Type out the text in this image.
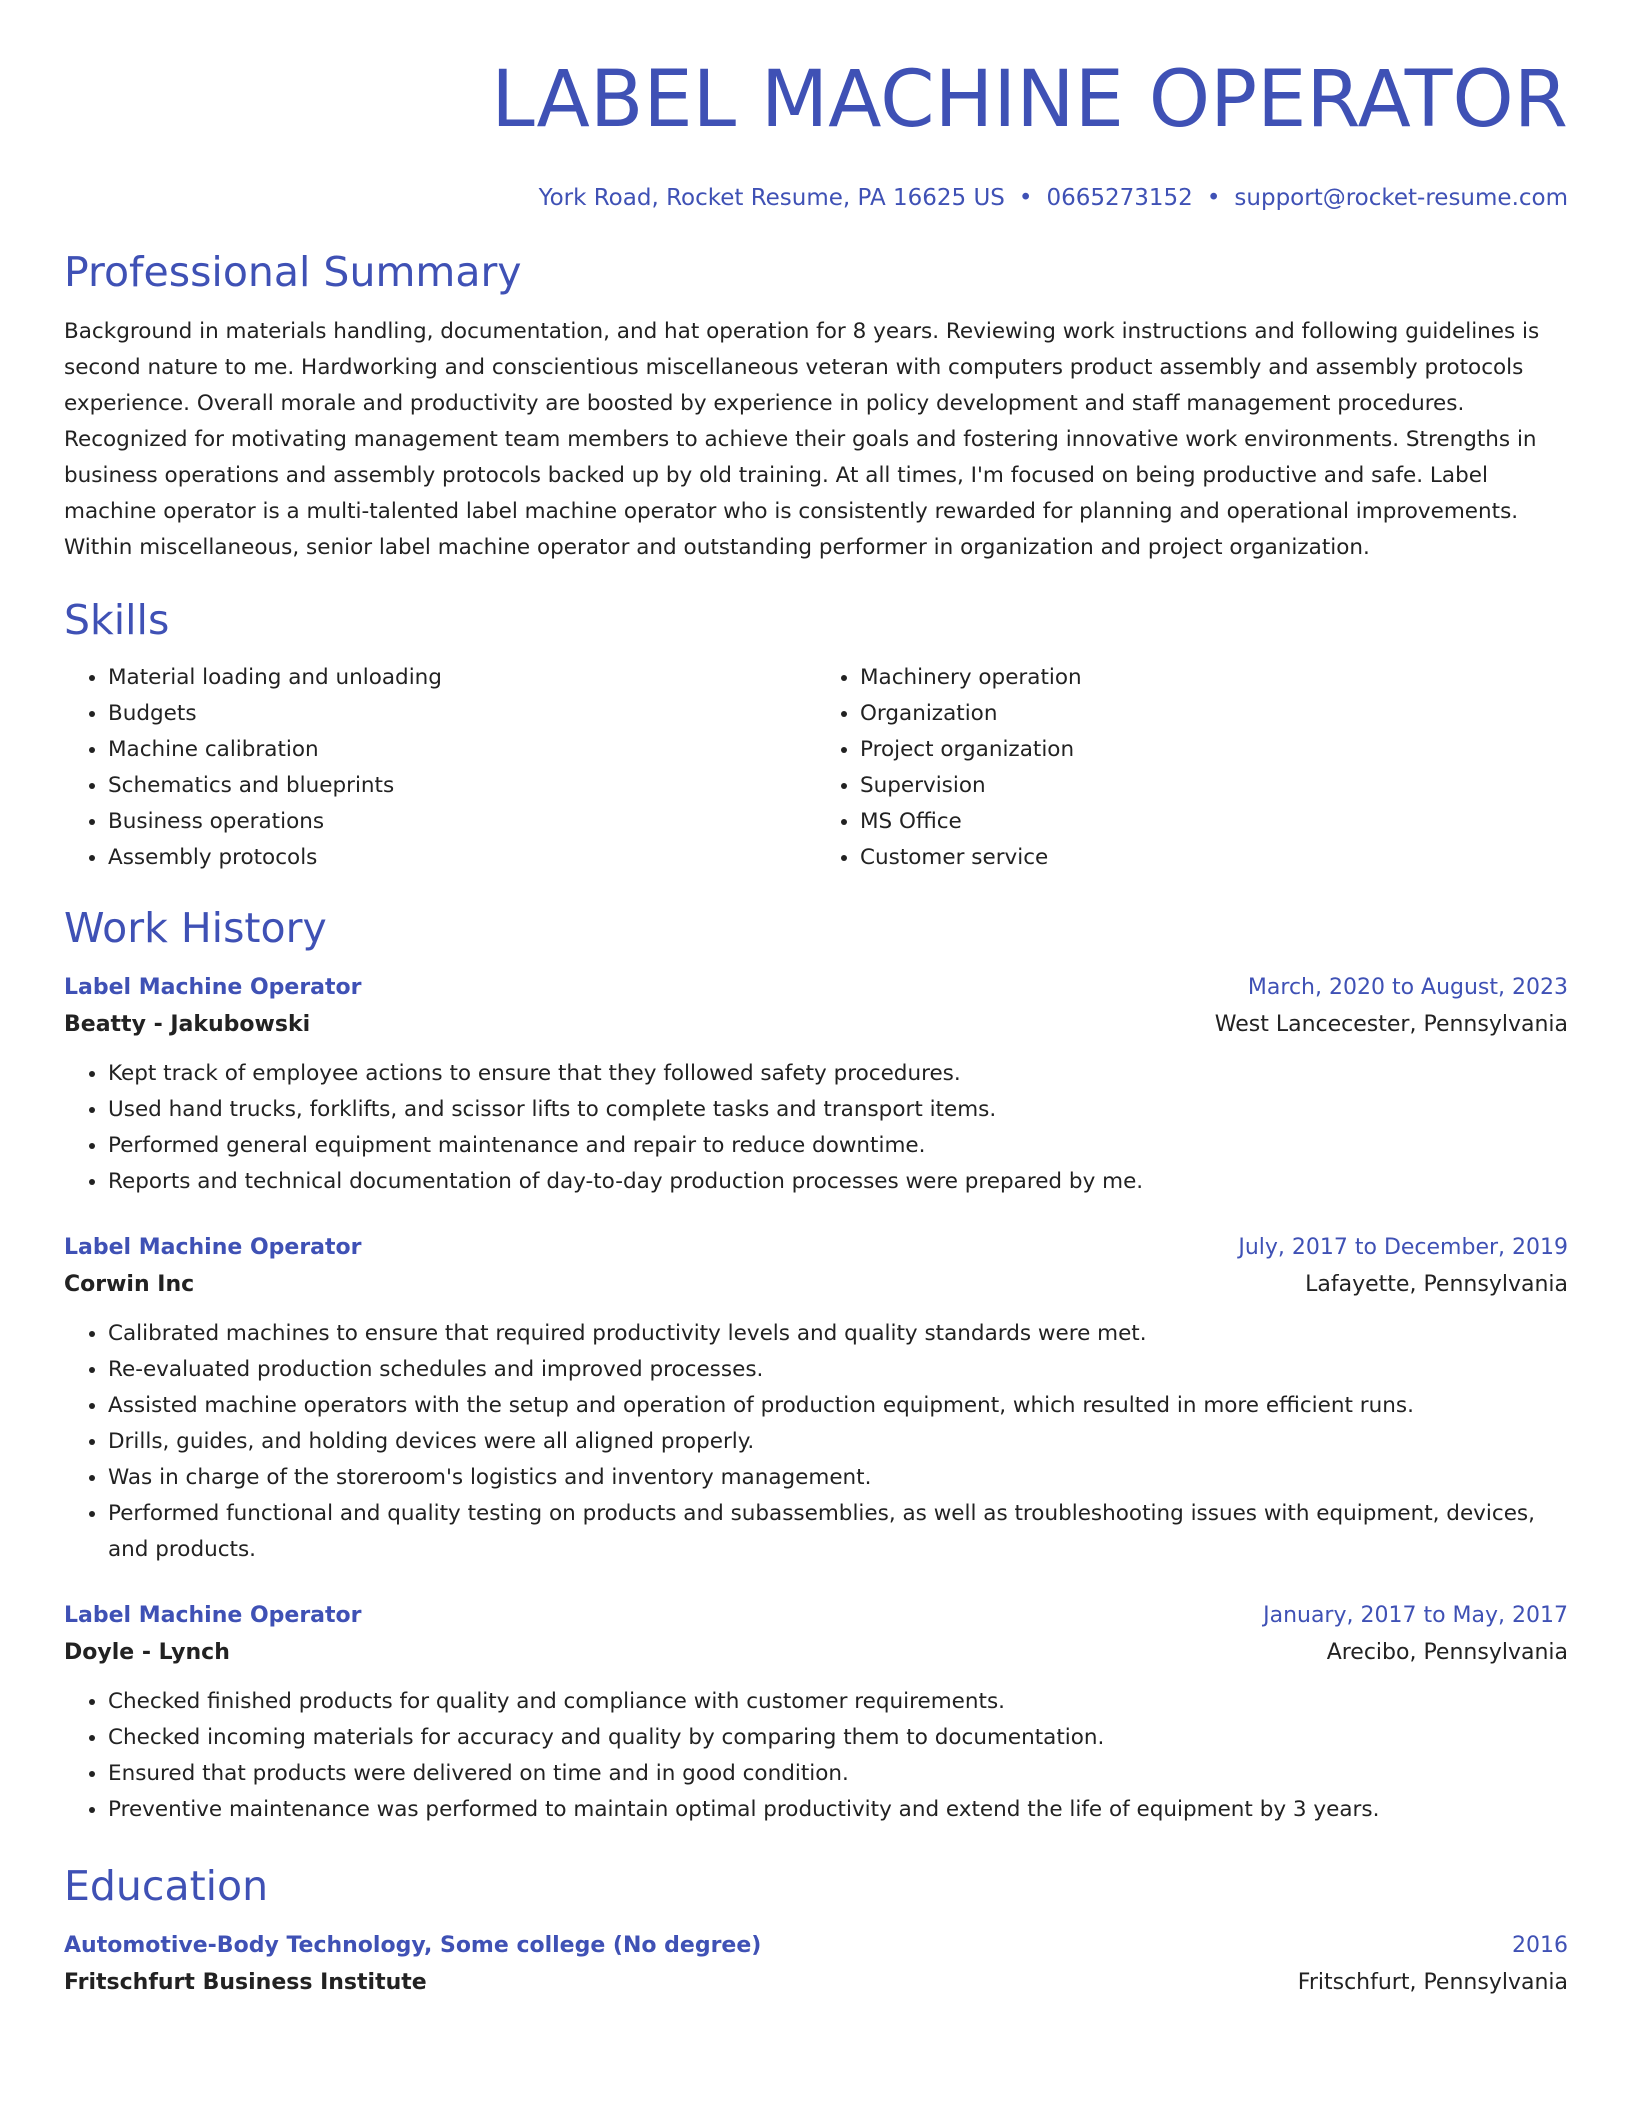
LABEL MACHINE OPERATOR
York Road, Rocket Resume, PA 16625 US • 0665273152 • support@rocket-resume.com
Professional Summary

Background in materials handling, documentation, and hat operation for 8 years. Reviewing work instructions and following guidelines is second nature to me. Hardworking and conscientious miscellaneous veteran with computers product assembly and assembly protocols experience. Overall morale and productivity are boosted by experience in policy development and staff management procedures. Recognized for motivating management team members to achieve their goals and fostering innovative work environments. Strengths in business operations and assembly protocols backed up by old training. At all times, I'm focused on being productive and safe. Label machine operator is a multi-talented label machine operator who is consistently rewarded for planning and operational improvements. Within miscellaneous, senior label machine operator and outstanding performer in organization and project organization.

Skills
• Material loading and unloading
• Budgets
• Machine calibration
• Schematics and blueprints
• Business operations
• Assembly protocols
• Machinery operation
• Organization
• Project organization
• Supervision
• MS Office
• Customer service
Work History
Label Machine Operator	March, 2020 to August, 2023
Beatty - Jakubowski	West Lancecester, Pennsylvania
• Kept track of employee actions to ensure that they followed safety procedures.
• Used hand trucks, forklifts, and scissor lifts to complete tasks and transport items.
• Performed general equipment maintenance and repair to reduce downtime.
• Reports and technical documentation of day-to-day production processes were prepared by me.
Label Machine Operator	July, 2017 to December, 2019
Corwin Inc	Lafayette, Pennsylvania
• Calibrated machines to ensure that required productivity levels and quality standards were met.
• Re-evaluated production schedules and improved processes.
• Assisted machine operators with the setup and operation of production equipment, which resulted in more efficient runs.
• Drills, guides, and holding devices were all aligned properly.
• Was in charge of the storeroom's logistics and inventory management.
• Performed functional and quality testing on products and subassemblies, as well as troubleshooting issues with equipment, devices, and products.
Label Machine Operator	January, 2017 to May, 2017
Doyle - Lynch	Arecibo, Pennsylvania
• Checked finished products for quality and compliance with customer requirements.
• Checked incoming materials for accuracy and quality by comparing them to documentation.
• Ensured that products were delivered on time and in good condition.
• Preventive maintenance was performed to maintain optimal productivity and extend the life of equipment by 3 years.
Education
Automotive-Body Technology, Some college (No degree)	2016
Fritschfurt Business Institute	Fritschfurt, Pennsylvania
